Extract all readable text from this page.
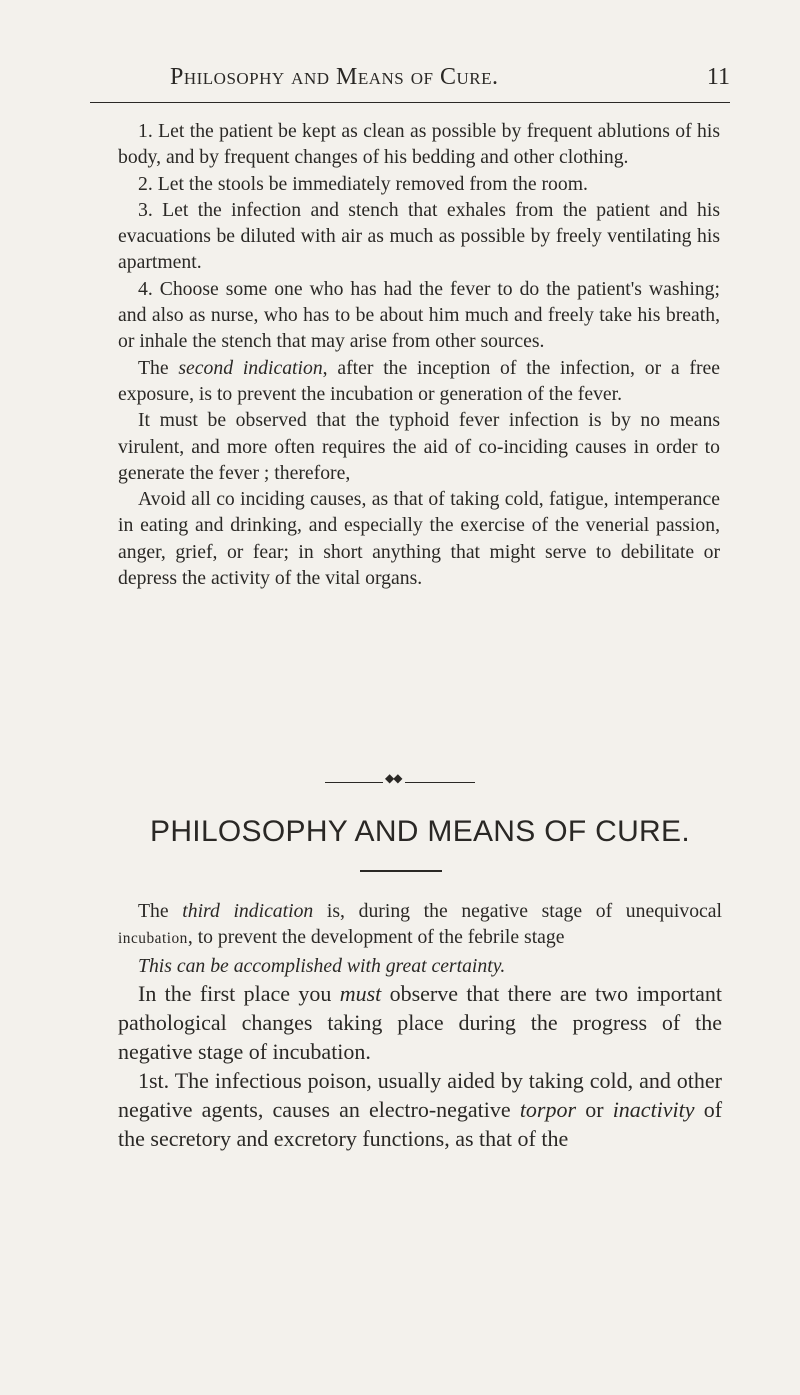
Philosophy and Means of Cure.	11

1. Let the patient be kept as clean as possible by frequent ablutions of his body, and by frequent changes of his bedding and other clothing.

2. Let the stools be immediately removed from the room.

3. Let the infection and stench that exhales from the patient and his evacuations be diluted with air as much as possible by freely ventilating his apartment.

4. Choose some one who has had the fever to do the patient's washing; and also as nurse, who has to be about him much and freely take his breath, or inhale the stench that may arise from other sources.

The second indication, after the inception of the infection, or a free exposure, is to prevent the incubation or generation of the fever.

It must be observed that the typhoid fever infection is by no means virulent, and more often requires the aid of co-inciding causes in order to generate the fever ; therefore,

Avoid all co inciding causes, as that of taking cold, fatigue, intemperance in eating and drinking, and especially the exercise of the venerial passion, anger, grief, or fear; in short anything that might serve to debilitate or depress the activity of the vital organs.

◆◆
PHILOSOPHY AND MEANS OF CURE.

The third indication is, during the negative stage of unequivocal incubation, to prevent the development of the febrile stage

This can be accomplished with great certainty.

In the first place you must observe that there are two important pathological changes taking place during the progress of the negative stage of incubation.

1st. The infectious poison, usually aided by taking cold, and other negative agents, causes an electro-negative torpor or inactivity of the secretory and excretory functions, as that of the
